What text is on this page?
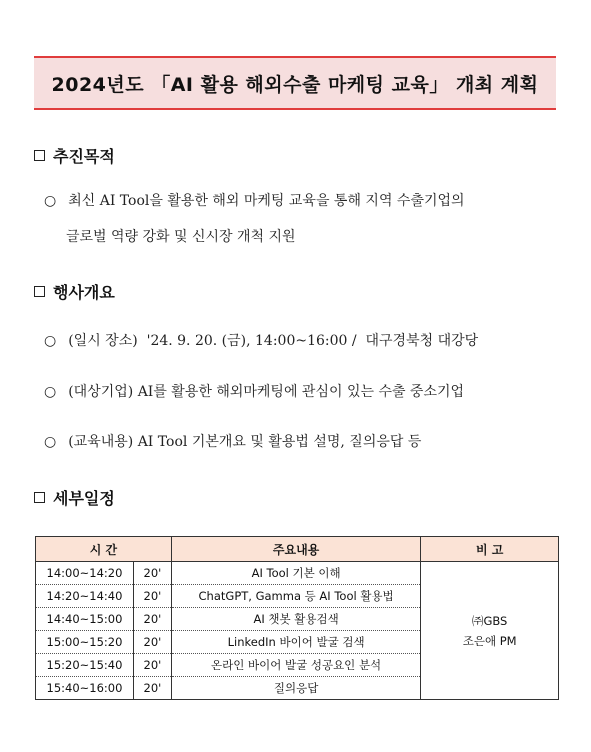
2024년도 「AI 활용 해외수출 마케팅 교육」 개최 계획
추진목적
○ 최신 AI Tool을 활용한 해외 마케팅 교육을 통해 지역 수출기업의
글로벌 역량 강화 및 신시장 개척 지원
행사개요
○ (일시 장소)  '24. 9. 20. (금), 14:00~16:00 /  대구경북청 대강당
○ (대상기업) AI를 활용한 해외마케팅에 관심이 있는 수출 중소기업
○ (교육내용) AI Tool 기본개요 및 활용법 설명, 질의응답 등
세부일정
시 간		주요내용	비 고
14:00~14:20	20'	AI Tool 기본 이해	㈜GBS
조은애 PM

14:20~14:40	20'	ChatGPT, Gamma 등 AI Tool 활용법	
14:40~15:00	20'	AI 챗봇 활용검색	
15:00~15:20	20'	LinkedIn 바이어 발굴 검색	
15:20~15:40	20'	온라인 바이어 발굴 성공요인 분석	
15:40~16:00	20'	질의응답	
